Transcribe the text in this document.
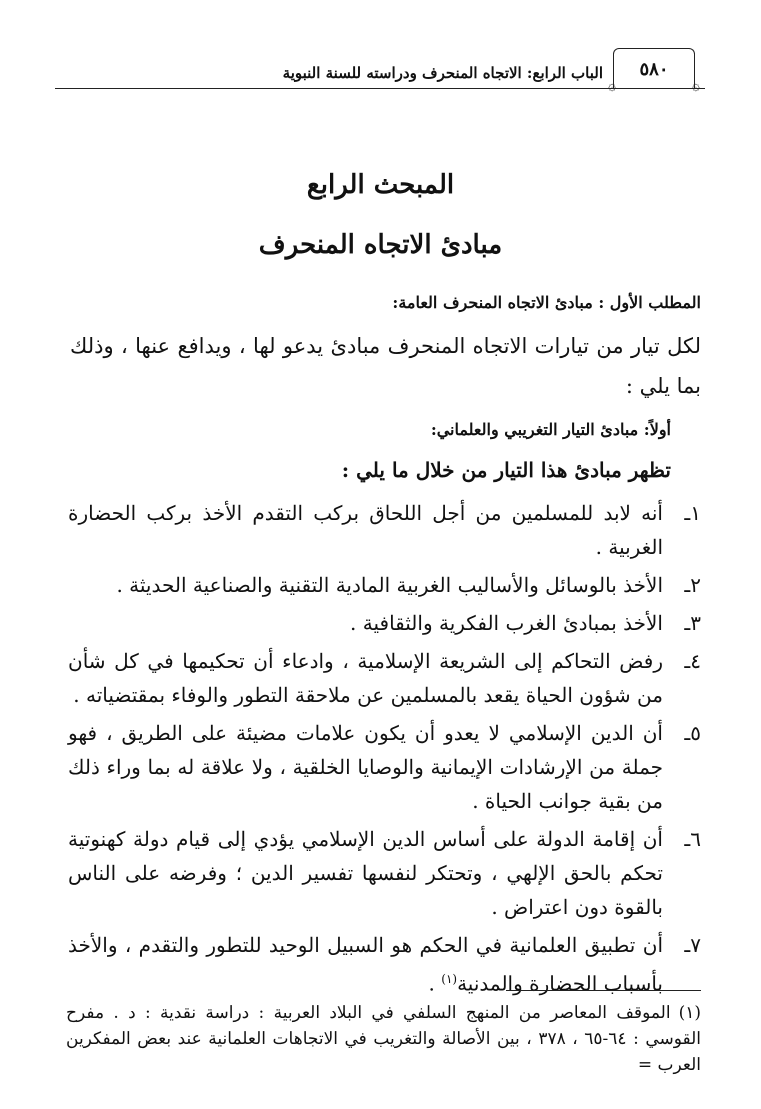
الباب الرابع: الاتجاه المنحرف ودراسته للسنة النبوية	٥٨٠
۞	۞
المبحث الرابع
مبادئ الاتجاه المنحرف
المطلب الأول : مبادئ الاتجاه المنحرف العامة:
لكل تيار من تيارات الاتجاه المنحرف مبادئ يدعو لها ، ويدافع عنها ، وذلك بما يلي :
أولاً: مبادئ التيار التغريبي والعلماني:
تظهر مبادئ هذا التيار من خلال ما يلي :
١ـ
أنه لابد للمسلمين من أجل اللحاق بركب التقدم الأخذ بركب الحضارة الغربية .
٢ـ
الأخذ بالوسائل والأساليب الغربية المادية التقنية والصناعية الحديثة .
٣ـ
الأخذ بمبادئ الغرب الفكرية والثقافية .
٤ـ
رفض التحاكم إلى الشريعة الإسلامية ، وادعاء أن تحكيمها في كل شأن من شؤون الحياة يقعد بالمسلمين عن ملاحقة التطور والوفاء بمقتضياته .
٥ـ
أن الدين الإسلامي لا يعدو أن يكون علامات مضيئة على الطريق ، فهو جملة من الإرشادات الإيمانية والوصايا الخلقية ، ولا علاقة له بما وراء ذلك من بقية جوانب الحياة .
٦ـ
أن إقامة الدولة على أساس الدين الإسلامي يؤدي إلى قيام دولة كهنوتية تحكم بالحق الإلهي ، وتحتكر لنفسها تفسير الدين ؛ وفرضه على الناس بالقوة دون اعتراض .
٧ـ
أن تطبيق العلمانية في الحكم هو السبيل الوحيد للتطور والتقدم ، والأخذ بأسباب الحضارة والمدنية$^{(١)}$ .
(١)الموقف المعاصر من المنهج السلفي في البلاد العربية : دراسة نقدية : د . مفرح القوسي : ٦٤-٦٥ ، ٣٧٨ ، بين الأصالة والتغريب في الاتجاهات العلمانية عند بعض المفكرين العرب =
